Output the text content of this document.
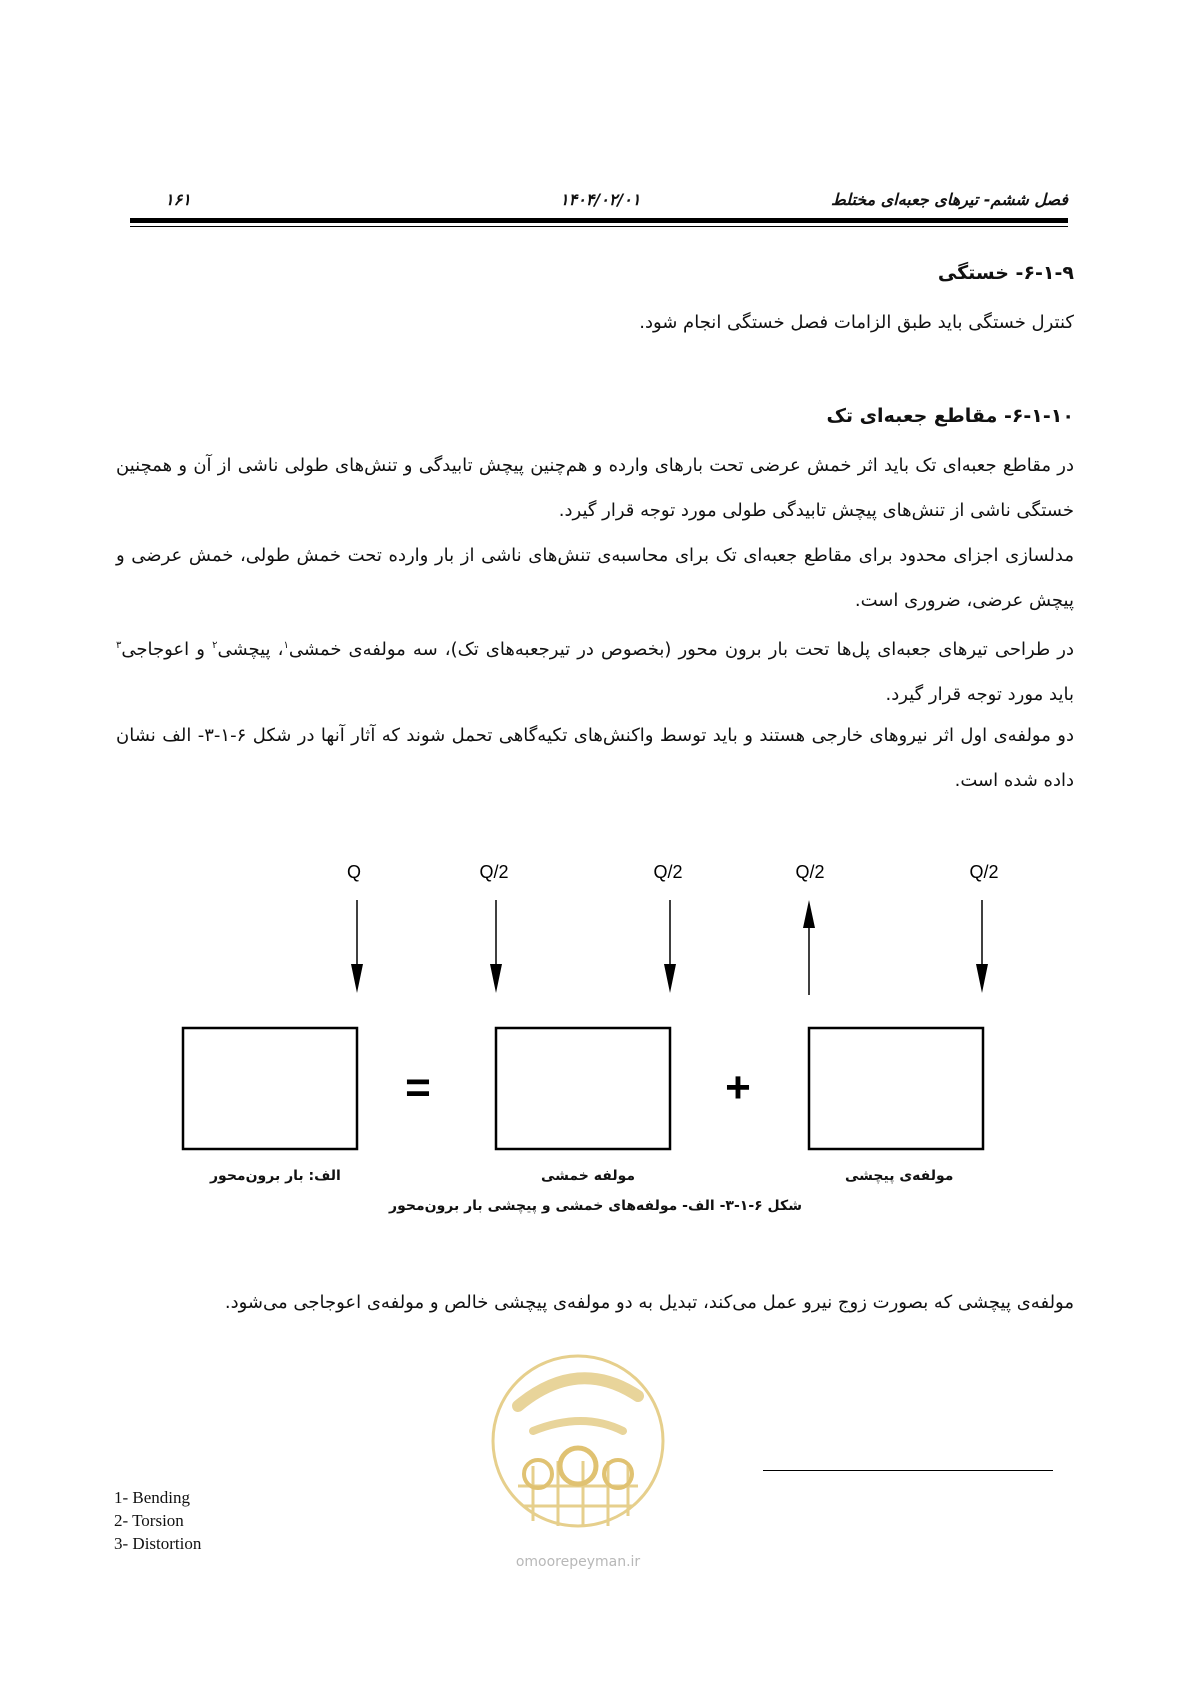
فصل ششم- تیرهای جعبه‌ای مختلط
۱۴۰۴/۰۲/۰۱
۱۶۱
۶-۱-۹- خستگی
کنترل خستگی باید طبق الزامات فصل خستگی انجام شود.
۶-۱-۱۰- مقاطع جعبه‌ای تک
در مقاطع جعبه‌ای تک باید اثر خمش عرضی تحت بارهای وارده و هم‌چنین پیچش تابیدگی و تنش‌های طولی ناشی از آن و همچنین خستگی ناشی از تنش‌های پیچش تابیدگی طولی مورد توجه قرار گیرد.
مدلسازی اجزای محدود برای مقاطع جعبه‌ای تک برای محاسبه‌ی تنش‌های ناشی از بار وارده تحت خمش طولی، خمش عرضی و پیچش عرضی، ضروری است.
در طراحی تیرهای جعبه‌ای پل‌ها تحت بار برون محور (بخصوص در تیرجعبه‌های تک)، سه مولفه‌ی خمشی$^۱$، پیچشی$^۲$ و اعوجاجی$^۳$ باید مورد توجه قرار گیرد.
دو مولفه‌ی اول اثر نیروهای خارجی هستند و باید توسط واکنش‌های تکیه‌گاهی تحمل شوند که آثار آنها در شکل ۶-۱-۳- الف نشان داده شده است.
Q	Q/2	Q/2	Q/2	Q/2
=	+
الف: بار برون‌محور	مولفه خمشی	مولفه‌ی پیچشی
شکل ۶-۱-۳- الف- مولفه‌های خمشی و پیچشی بار برون‌محور
مولفه‌ی پیچشی که بصورت زوج نیرو عمل می‌کند، تبدیل به دو مولفه‌ی پیچشی خالص و مولفه‌ی اعوجاجی می‌شود.
omoorepeyman.ir
1- Bending
2- Torsion
3- Distortion
